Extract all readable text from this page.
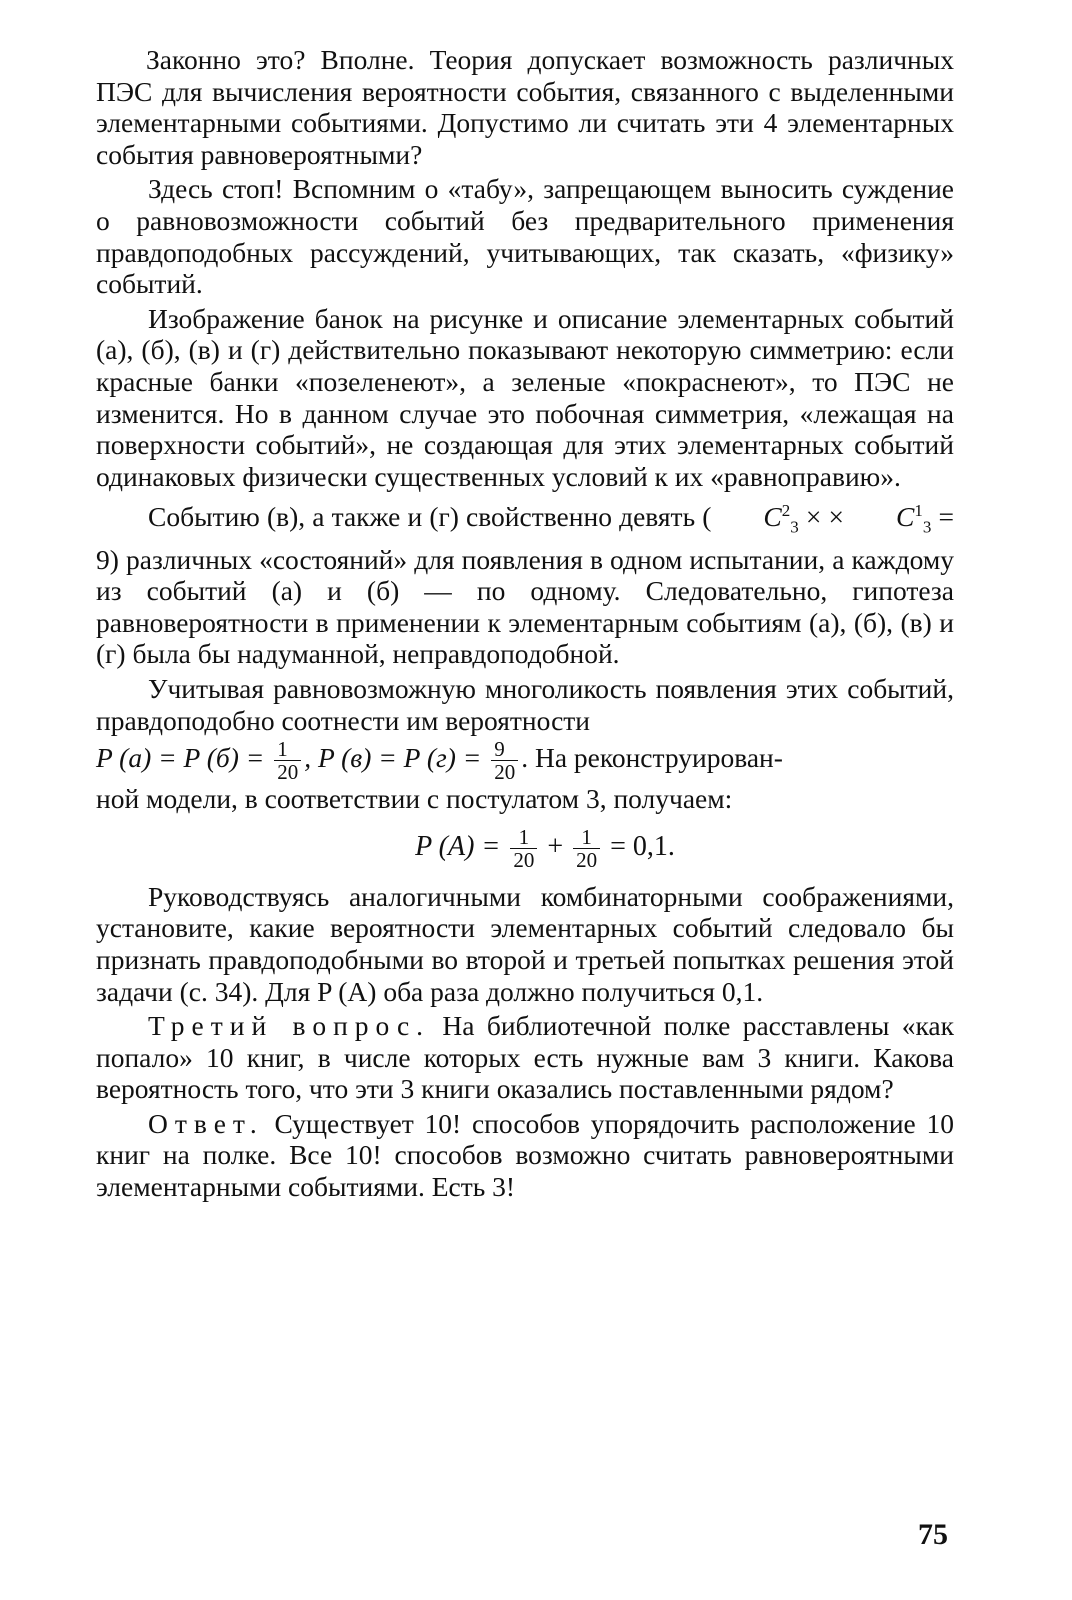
Законно это? Вполне. Теория допускает возможность различных ПЭС для вычисления вероятности события, связанного с выделенными элементарными событиями. Допустимо ли считать эти 4 элементарных события равновероятными?

Здесь стоп! Вспомним о «табу», запрещающем выносить суждение о равновозможности событий без предварительного применения правдоподобных рассуждений, учитывающих, так сказать, «физику» событий.

Изображение банок на рисунке и описание элементарных событий (а), (б), (в) и (г) действительно показывают некоторую симметрию: если красные банки «позеленеют», а зеленые «покраснеют», то ПЭС не изменится. Но в данном случае это побочная симметрия, «лежащая на поверхности событий», не создающая для этих элементарных событий одинаковых физически существенных условий к их «равноправию».

Событию (в), а также и (г) свойственно девять ( $C^2_3$ × × $C^1_3 = 9$) различных «состояний» для появления в одном испытании, а каждому из событий (а) и (б) — по одному. Следовательно, гипотеза равновероятности в применении к элементарным событиям (а), (б), (в) и (г) была бы надуманной, неправдоподобной.

Учитывая равновозможную многоликость появления этих событий, правдоподобно соотнести им вероятности

P (а) = P $(б) = \frac{1}{20}$ , P (в) = P $(г) = \frac{9}{20}$ . На реконструирован-

ной модели, в соответствии с постулатом 3, получаем:

P $(A) = \frac{1}{20} + \frac{1}{20} = 0,1$.

Руководствуясь аналогичными комбинаторными соображениями, установите, какие вероятности элементарных событий следовало бы признать правдоподобными во второй и третьей попытках решения этой задачи (с. 34). Для P (A) оба раза должно получиться 0,1.

Третий вопрос. На библиотечной полке расставлены «как попало» 10 книг, в числе которых есть нужные вам 3 книги. Какова вероятность того, что эти 3 книги оказались поставленными рядом?

Ответ. Существует 10! способов упорядочить расположение 10 книг на полке. Все 10! способов возможно считать равновероятными элементарными событиями. Есть 3!

75
